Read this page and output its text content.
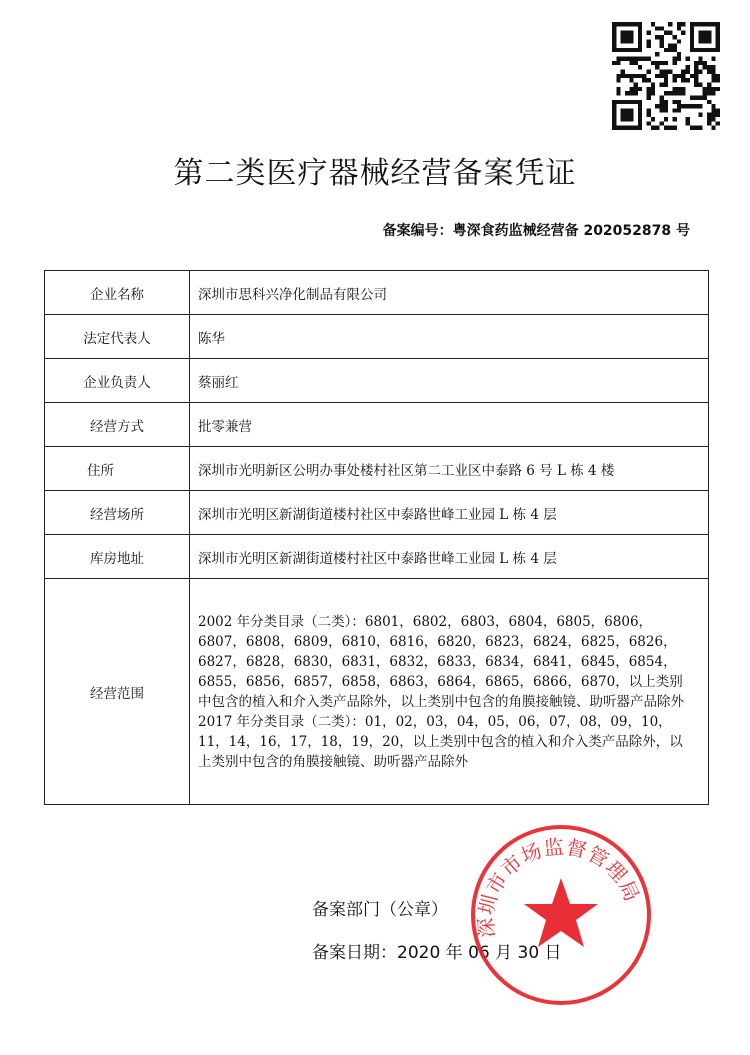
第二类医疗器械经营备案凭证
备案编号：粤深食药监械经营备 202052878 号
企业名称	深圳市思科兴净化制品有限公司
法定代表人	陈华
企业负责人	蔡丽红
经营方式	批零兼营
住所	深圳市光明新区公明办事处楼村社区第二工业区中泰路 6 号 L 栋 4 楼
经营场所	深圳市光明区新湖街道楼村社区中泰路世峰工业园 L 栋 4 层
库房地址	深圳市光明区新湖街道楼村社区中泰路世峰工业园 L 栋 4 层
经营范围	2002 年分类目录（二类）：6801，6802，6803，6804，6805，6806，6807，6808，6809，6810，6816，6820，6823，6824，6825，6826，6827，6828，6830，6831，6832，6833，6834，6841，6845，6854，6855，6856，6857，6858，6863，6864，6865，6866，6870，以上类别中包含的植入和介入类产品除外，以上类别中包含的角膜接触镜、助听器产品除外

2017 年分类目录（二类）：01，02，03，04，05，06，07，08，09，10，11，14，16，17，18，19，20，以上类别中包含的植入和介入类产品除外，以上类别中包含的角膜接触镜、助听器产品除外

备案部门（公章）
备案日期：2020 年 06 月 30 日
深圳市市场监督管理局
